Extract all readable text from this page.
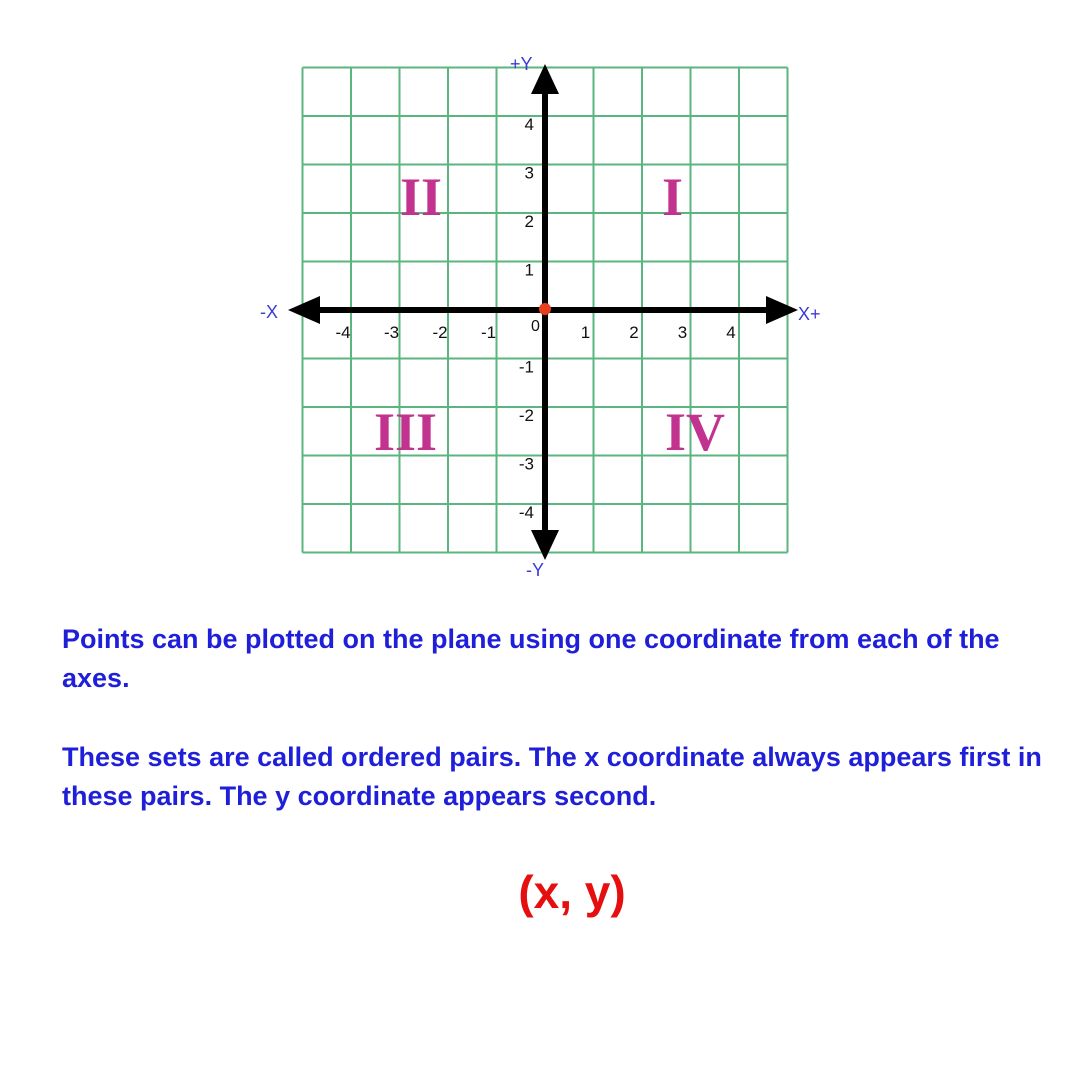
+Y
-Y
-X	X+
-4 -3 -2 -1	1 2 3 4
4
3
2
1
-1
-2
-3
-4
0
II	I
III	IV

Points can be plotted on the plane using one coordinate from each of the axes.

These sets are called ordered pairs. The x coordinate always appears first in these pairs. The y coordinate appears second.

(x, y)
